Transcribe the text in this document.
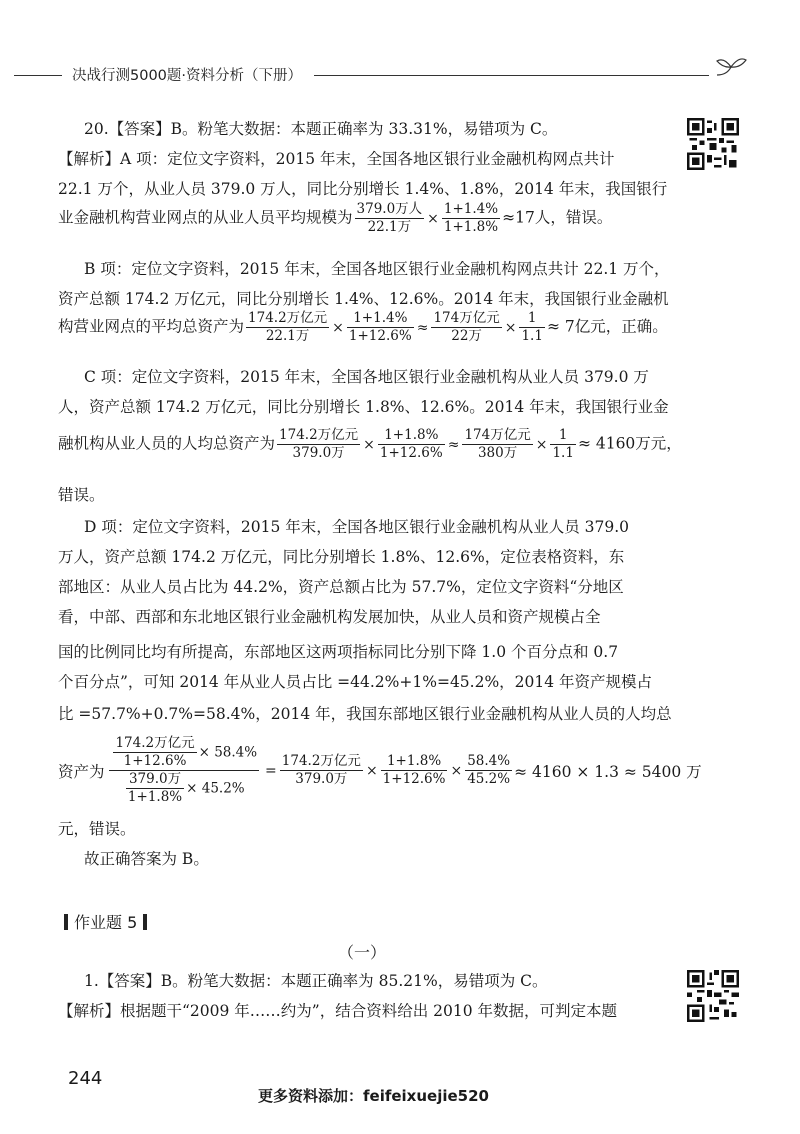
决战行测5000题·资料分析（下册）
20.【答案】B。粉笔大数据：本题正确率为 33.31%，易错项为 C。
【解析】A 项：定位文字资料，2015 年末，全国各地区银行业金融机构网点共计
22.1 万个，从业人员 379.0 万人，同比分别增长 1.4%、1.8%，2014 年末，我国银行
业金融机构营业网点的从业人员平均规模为 379.0万人
22.1万
× $\frac{1+1.4\%}{1+1.8\%} \approx 17$人，错误。
B 项：定位文字资料，2015 年末，全国各地区银行业金融机构网点共计 22.1 万个，
资产总额 174.2 万亿元，同比分别增长 1.4%、12.6%。2014 年末，我国银行业金融机
构营业网点的平均总资产为 174.2万亿元
22.1万
× $\frac{1+1.4\%}{1+12.6\%}$ ≈
174万亿元
22万
× $\frac{1}{1.1} \approx 7$亿元，正确。
C 项：定位文字资料，2015 年末，全国各地区银行业金融机构从业人员 379.0 万
人，资产总额 174.2 万亿元，同比分别增长 1.8%、12.6%。2014 年末，我国银行业金
融机构从业人员的人均总资产为 174.2万亿元
379.0万
× $\frac{1+1.8\%}{1+12.6\%}$ ≈
174万亿元
380万
× $\frac{1}{1.1} \approx 4160$万元，
错误。
D 项：定位文字资料，2015 年末，全国各地区银行业金融机构从业人员 379.0
万人，资产总额 174.2 万亿元，同比分别增长 1.8%、12.6%，定位表格资料，东
部地区：从业人员占比为 44.2%，资产总额占比为 57.7%，定位文字资料“分地区
看，中部、西部和东北地区银行业金融机构发展加快，从业人员和资产规模占全
国的比例同比均有所提高，东部地区这两项指标同比分别下降 1.0 个百分点和 0.7
个百分点”，可知 2014 年从业人员占比 =44.2%+1%=45.2%，2014 年资产规模占
比 =57.7%+0.7%=58.4%，2014 年，我国东部地区银行业金融机构从业人员的人均总
资产为
174.2万亿元
1+12.6%
× 58.4%
379.0万
1+1.8%
× 45.2%
=
174.2万亿元
379.0万
× $\frac{1+1.8\%}{1+12.6\%} \times \frac{58.4\%}{45.2\%} \approx 4160 \times 1.3 \approx 5400$ 万
元，错误。
故正确答案为 B。
作业题 5
（一）
1.【答案】B。粉笔大数据：本题正确率为 85.21%，易错项为 C。
【解析】根据题干“2009 年……约为”，结合资料给出 2010 年数据，可判定本题
244
更多资料添加：feifeixuejie520
